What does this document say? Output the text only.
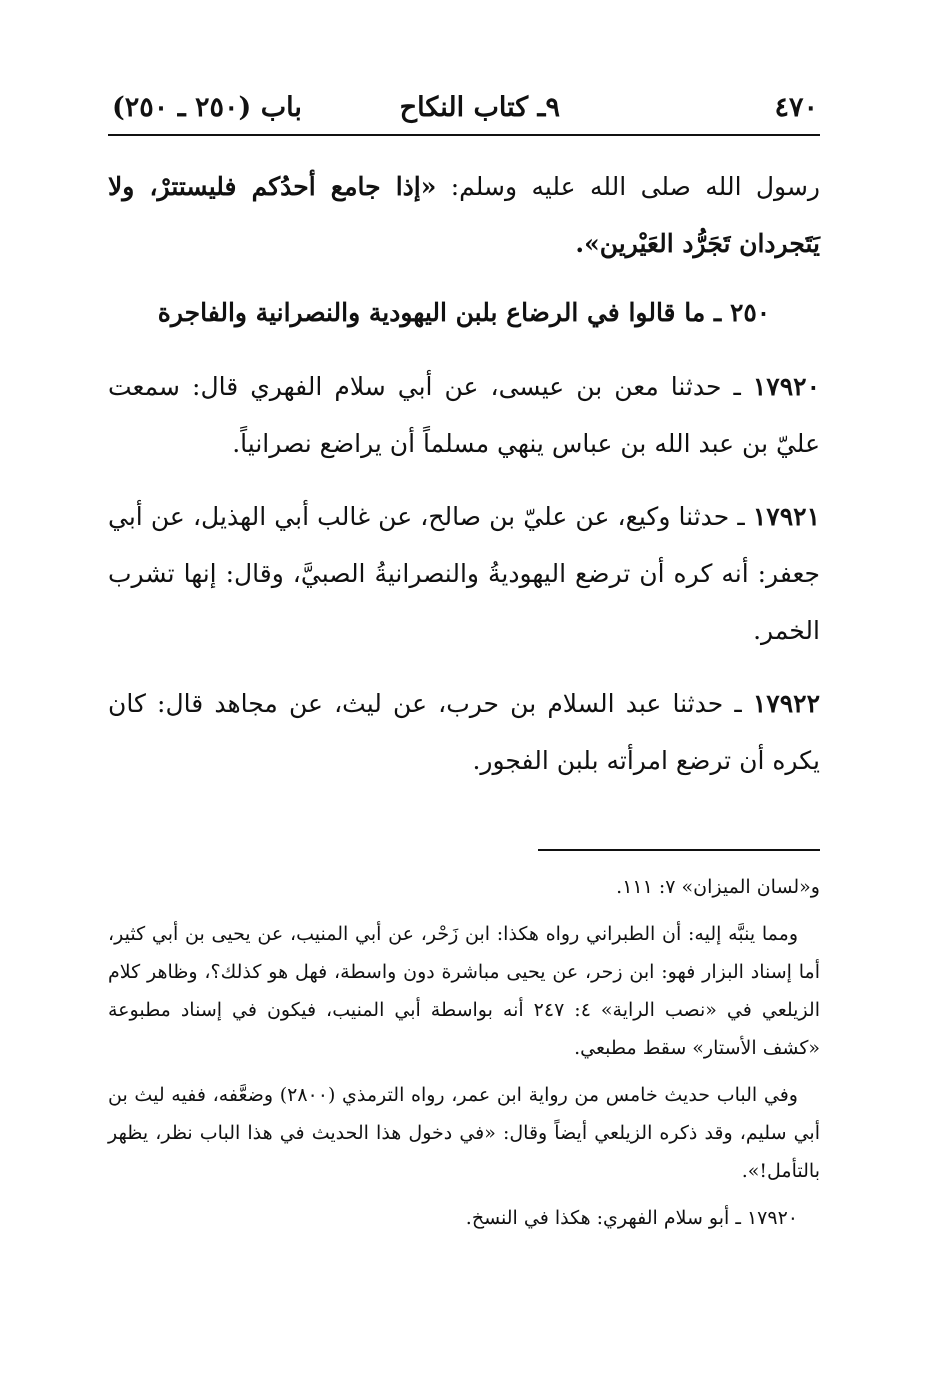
٤٧٠
٩ـ كتاب النكاح
باب (٢٥٠ ـ ٢٥٠)

رسول الله صلى الله عليه وسلم: «إذا جامع أحدُكم فليستترْ، ولا يَتَجردان تَجَرُّد العَيْرين».

٢٥٠ ـ ما قالوا في الرضاع بلبن اليهودية والنصرانية والفاجرة

١٧٩٢٠ ـ حدثنا معن بن عيسى، عن أبي سلام الفهري قال: سمعت عليّ بن عبد الله بن عباس ينهي مسلماً أن يراضع نصرانياً.

١٧٩٢١ ـ حدثنا وكيع، عن عليّ بن صالح، عن غالب أبي الهذيل، عن أبي جعفر: أنه كره أن ترضع اليهوديةُ والنصرانيةُ الصبيَّ، وقال: إنها تشرب الخمر.

١٧٩٢٢ ـ حدثنا عبد السلام بن حرب، عن ليث، عن مجاهد قال: كان يكره أن ترضع امرأته بلبن الفجور.

و«لسان الميزان» ٧: ١١١.

ومما ينبَّه إليه: أن الطبراني رواه هكذا: ابن زَحْر، عن أبي المنيب، عن يحيى بن أبي كثير، أما إسناد البزار فهو: ابن زحر، عن يحيى مباشرة دون واسطة، فهل هو كذلك؟، وظاهر كلام الزيلعي في «نصب الراية» ٤: ٢٤٧ أنه بواسطة أبي المنيب، فيكون في إسناد مطبوعة «كشف الأستار» سقط مطبعي.

وفي الباب حديث خامس من رواية ابن عمر، رواه الترمذي (٢٨٠٠) وضعَّفه، ففيه ليث بن أبي سليم، وقد ذكره الزيلعي أيضاً وقال: «في دخول هذا الحديث في هذا الباب نظر، يظهر بالتأمل!».

١٧٩٢٠ ـ أبو سلام الفهري: هكذا في النسخ.
